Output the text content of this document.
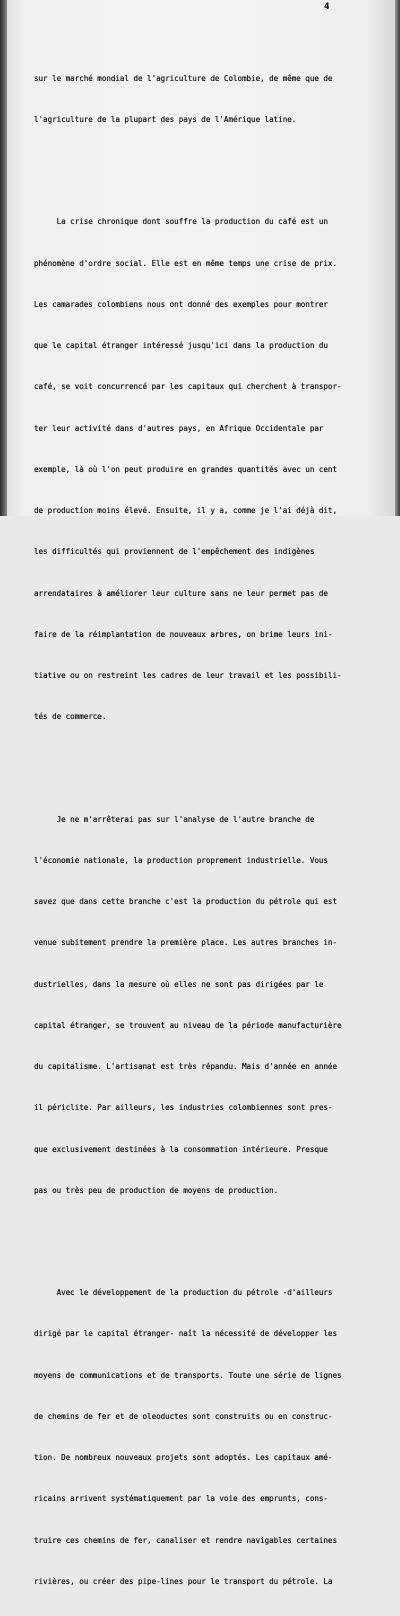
4

sur le marché mondial de l'agriculture de Colombie, de même que de

l'agriculture de la plupart des pays de l'Amérique latine.

La crise chronique dont souffre la production du café est un

phénomène d'ordre social. Elle est en même temps une crise de prix.

Les camarades colombiens nous ont donné des exemples pour montrer

que le capital étranger intéressé jusqu'ici dans la production du

café, se voit concurrencé par les capitaux qui cherchent à transpor-

ter leur activité dans d'autres pays, en Afrique Occidentale par

exemple, là où l'on peut produire en grandes quantités avec un cent

de production moins élevé. Ensuite, il y a, comme je l'ai déjà dit,

les difficultés qui proviennent de l'empêchement des indigènes

arrendataires à améliorer leur culture sans ne leur permet pas de

faire de la réimplantation de nouveaux arbres, on brime leurs ini-

tiative ou on restreint les cadres de leur travail et les possibili-

tés de commerce.

Je ne m'arrêterai pas sur l'analyse de l'autre branche de

l'économie nationale, la production proprement industrielle. Vous

savez que dans cette branche c'est la production du pétrole qui est

venue subitement prendre la première place. Les autres branches in-

dustrielles, dans la mesure où elles ne sont pas dirigées par le

capital étranger, se trouvent au niveau de la période manufacturière

du capitalisme. L'artisanat est très répandu. Mais d'année en année

il périclite. Par ailleurs, les industries colombiennes sont pres-

que exclusivement destinées à la consommation intérieure. Presque

pas ou très peu de production de moyens de production.

Avec le développement de la production du pétrole -d'ailleurs

dirigé par le capital étranger- naît la nécessité de développer les

moyens de communications et de transports. Toute une série de lignes

de chemins de fer et de oleoductes sont construits ou en construc-

tion. De nombreux nouveaux projets sont adoptés. Les capitaux amé-

ricains arrivent systématiquement par la voie des emprunts, cons-

truire ces chemins de fer, canaliser et rendre navigables certaines

rivières, ou créer des pipe-lines pour le transport du pétrole. La
